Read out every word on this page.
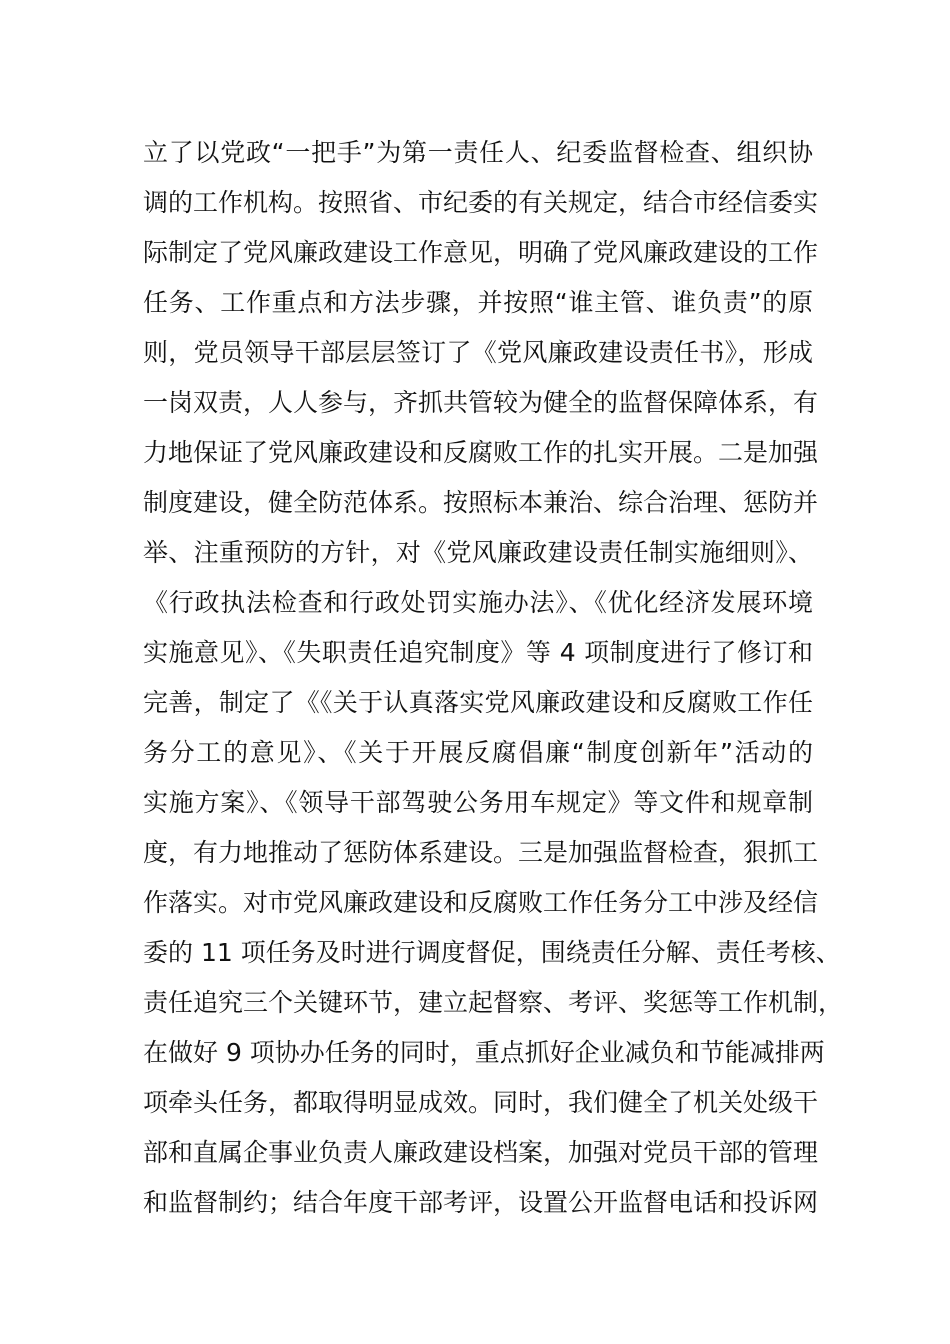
立了以党政“一把手”为第一责任人、纪委监督检查、组织协
调的工作机构。按照省、市纪委的有关规定，结合市经信委实
际制定了党风廉政建设工作意见，明确了党风廉政建设的工作
任务、工作重点和方法步骤，并按照“谁主管、谁负责”的原
则，党员领导干部层层签订了《党风廉政建设责任书》，形成
一岗双责，人人参与，齐抓共管较为健全的监督保障体系，有
力地保证了党风廉政建设和反腐败工作的扎实开展。二是加强
制度建设，健全防范体系。按照标本兼治、综合治理、惩防并
举、注重预防的方针，对《党风廉政建设责任制实施细则》、
《行政执法检查和行政处罚实施办法》、《优化经济发展环境
实施意见》、《失职责任追究制度》等 4 项制度进行了修订和
完善，制定了《《关于认真落实党风廉政建设和反腐败工作任
务分工的意见》、《关于开展反腐倡廉“制度创新年”活动的
实施方案》、《领导干部驾驶公务用车规定》等文件和规章制
度，有力地推动了惩防体系建设。三是加强监督检查，狠抓工
作落实。对市党风廉政建设和反腐败工作任务分工中涉及经信
委的 11 项任务及时进行调度督促，围绕责任分解、责任考核、
责任追究三个关键环节，建立起督察、考评、奖惩等工作机制，
在做好 9 项协办任务的同时，重点抓好企业减负和节能减排两
项牵头任务，都取得明显成效。同时，我们健全了机关处级干
部和直属企事业负责人廉政建设档案，加强对党员干部的管理
和监督制约；结合年度干部考评，设置公开监督电话和投诉网
